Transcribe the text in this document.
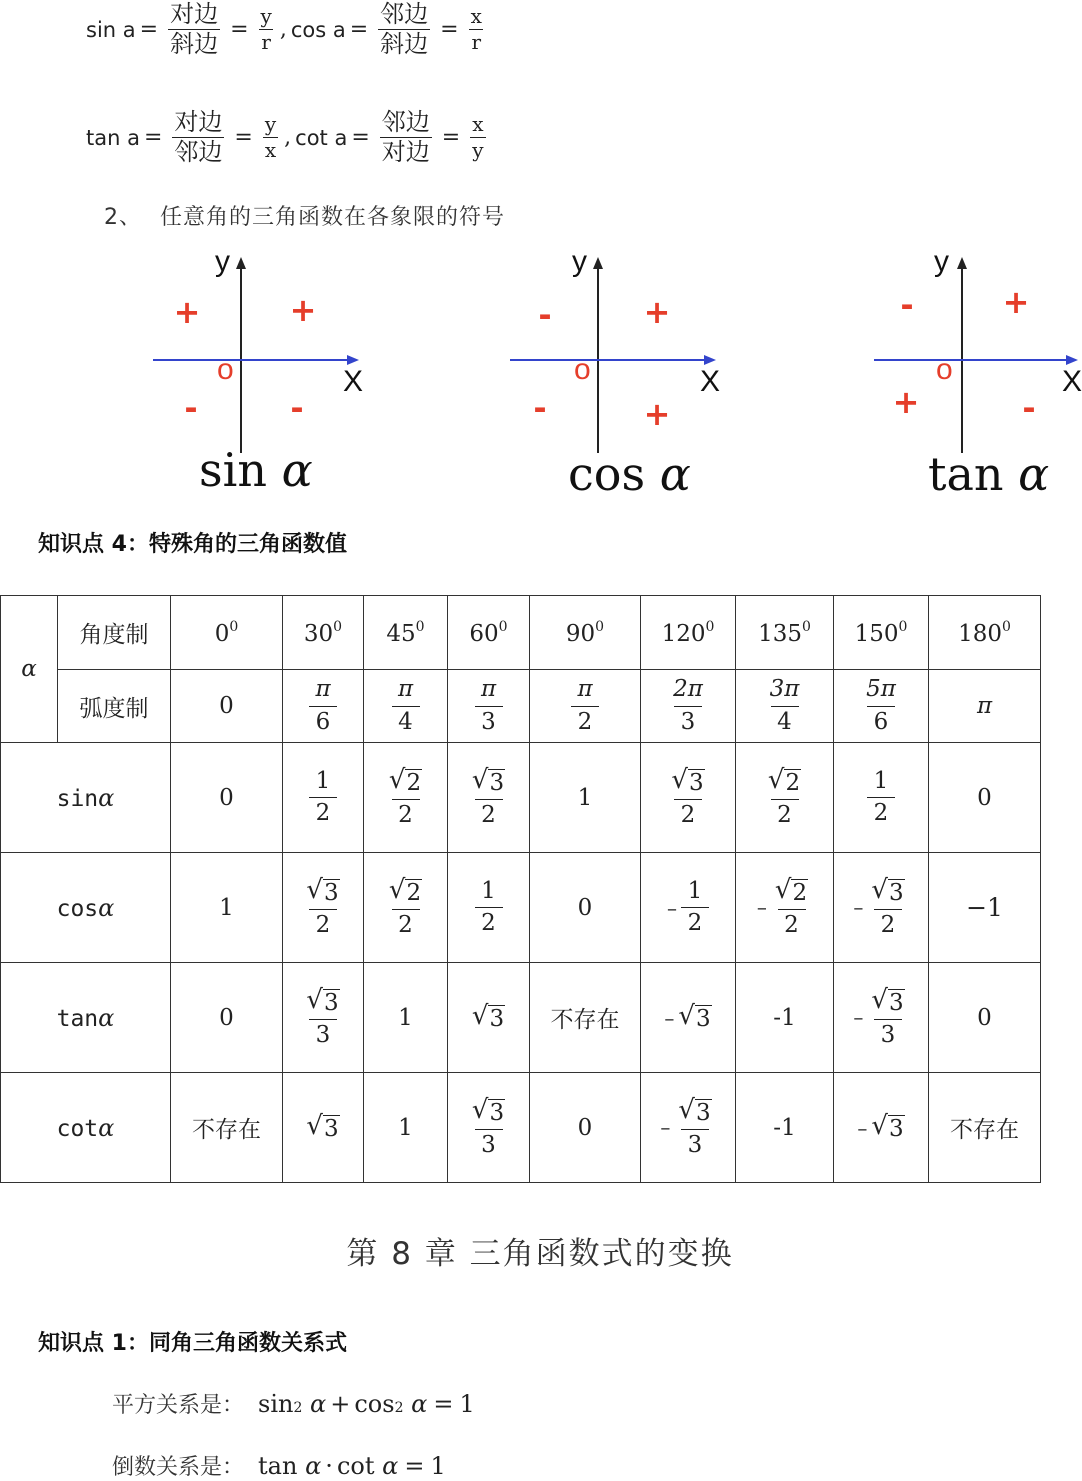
$\sin a = \frac{\text{对边}}{\text{斜边}} = \frac{y}{r}$ , $\cos a = \frac{\text{邻边}}{\text{斜边}} = \frac{x}{r}$
$\tan a = \frac{\text{对边}}{\text{邻边}} = \frac{y}{x}$ , $\cot a = \frac{\text{邻边}}{\text{对边}} = \frac{x}{y}$
2、 任意角的三角函数在各象限的符号
y
X
o
+
+
-	-
sin α
y
X
o
+
-
-	+
cos α
y
X
o
+
-
+	-
tan α
知识点 4：特殊角的三角函数值
α	角度制	$0^0$	$30^0$	$45^0$	$60^0$	$90^0$	$120^0$	$135^0$	$150^0$	$180^0$
	弧度制	0	$\frac{\pi}{6}$	$\frac{\pi}{4}$	$\frac{\pi}{3}$	$\frac{\pi}{2}$	$\frac{2\pi}{3}$	$\frac{3\pi}{4}$	$\frac{5\pi}{6}$	π
sinα		0	$\frac{1}{2}$	$\frac{√ 2}{2}$	$\frac{√ 3}{2}$	1	$\frac{√ 3}{2}$	$\frac{√ 2}{2}$	$\frac{1}{2}$	0
cosα		1	$\frac{√ 3}{2}$	$\frac{√ 2}{2}$	$\frac{1}{2}$	0	– $\frac{1}{2}$	– $\frac{√ 2}{2}$	– $\frac{√ 3}{2}$	−1
tanα		0	$\frac{√ 3}{3}$	1	√ 3	不存在	– √ 3	-1	– $\frac{√ 3}{3}$	0
cotα		不存在	√ 3	1	$\frac{√ 3}{3}$	0	– $\frac{√ 3}{3}$	-1	– √ 3	不存在
第 8 章 三角函数式的变换
知识点 1：同角三角函数关系式
平方关系是： sin 2
α + cos 2
α = 1
倒数关系是： tan
α · cot
α = 1
